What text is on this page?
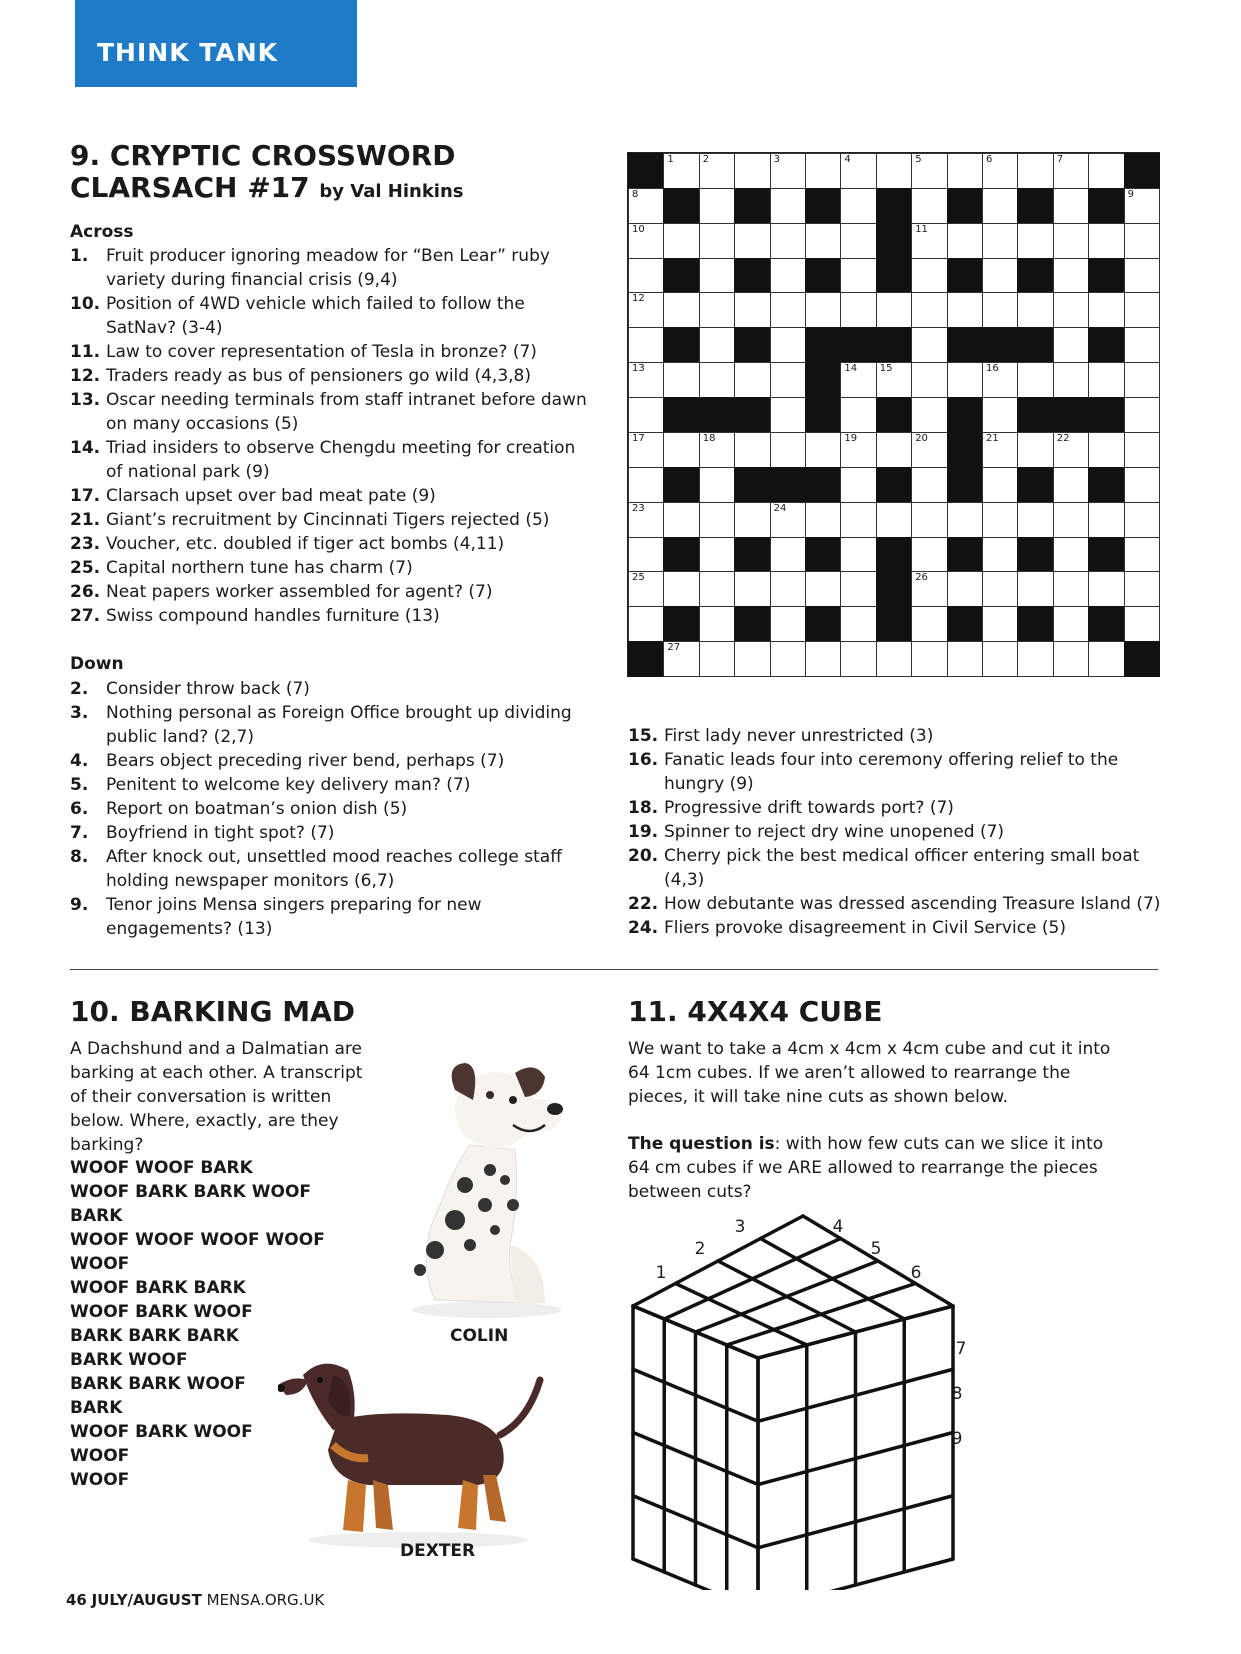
THINK TANK
9. CRYPTIC CROSSWORD
CLARSACH #17 by Val Hinkins
Across
1. Fruit producer ignoring meadow for “Ben Lear” ruby variety during financial crisis (9,4)
10. Position of 4WD vehicle which failed to follow the SatNav? (3-4)
11. Law to cover representation of Tesla in bronze? (7)
12. Traders ready as bus of pensioners go wild (4,3,8)
13. Oscar needing terminals from staff intranet before dawn on many occasions (5)
14. Triad insiders to observe Chengdu meeting for creation of national park (9)
17. Clarsach upset over bad meat pate (9)
21. Giant’s recruitment by Cincinnati Tigers rejected (5)
23. Voucher, etc. doubled if tiger act bombs (4,11)
25. Capital northern tune has charm (7)
26. Neat papers worker assembled for agent? (7)
27. Swiss compound handles furniture (13)
Down
2. Consider throw back (7)
3. Nothing personal as Foreign Office brought up dividing public land? (2,7)
4. Bears object preceding river bend, perhaps (7)
5. Penitent to welcome key delivery man? (7)
6. Report on boatman’s onion dish (5)
7. Boyfriend in tight spot? (7)
8. After knock out, unsettled mood reaches college staff holding newspaper monitors (6,7)
9. Tenor joins Mensa singers preparing for new engagements? (13)
15. First lady never unrestricted (3)
16. Fanatic leads four into ceremony offering relief to the hungry (9)
18. Progressive drift towards port? (7)
19. Spinner to reject dry wine unopened (7)
20. Cherry pick the best medical officer entering small boat (4,3)
22. How debutante was dressed ascending Treasure Island (7)
24. Fliers provoke disagreement in Civil Service (5)
1	2	3	4	5	6	7
8	9
10	11
12
13	14 15	16
17	18	19	20	21	22
23	24
25	26
27
10. BARKING MAD
A Dachshund and a Dalmatian are barking at each other. A transcript of their conversation is written below. Where, exactly, are they barking?
WOOF WOOF BARK
WOOF BARK BARK WOOF
BARK
WOOF WOOF WOOF WOOF
WOOF
WOOF BARK BARK
WOOF BARK WOOF
BARK BARK BARK
BARK WOOF
BARK BARK WOOF
BARK
WOOF BARK WOOF
WOOF
WOOF
COLIN
DEXTER
11. 4X4X4 CUBE
We want to take a 4cm x 4cm x 4cm cube and cut it into 64 1cm cubes. If we aren’t allowed to rearrange the pieces, it will take nine cuts as shown below.
The question is: with how few cuts can we slice it into 64 cm cubes if we ARE allowed to rearrange the pieces between cuts?
1
2
3	4
5
6
7
8
9
46 JULY/AUGUST MENSA.ORG.UK
